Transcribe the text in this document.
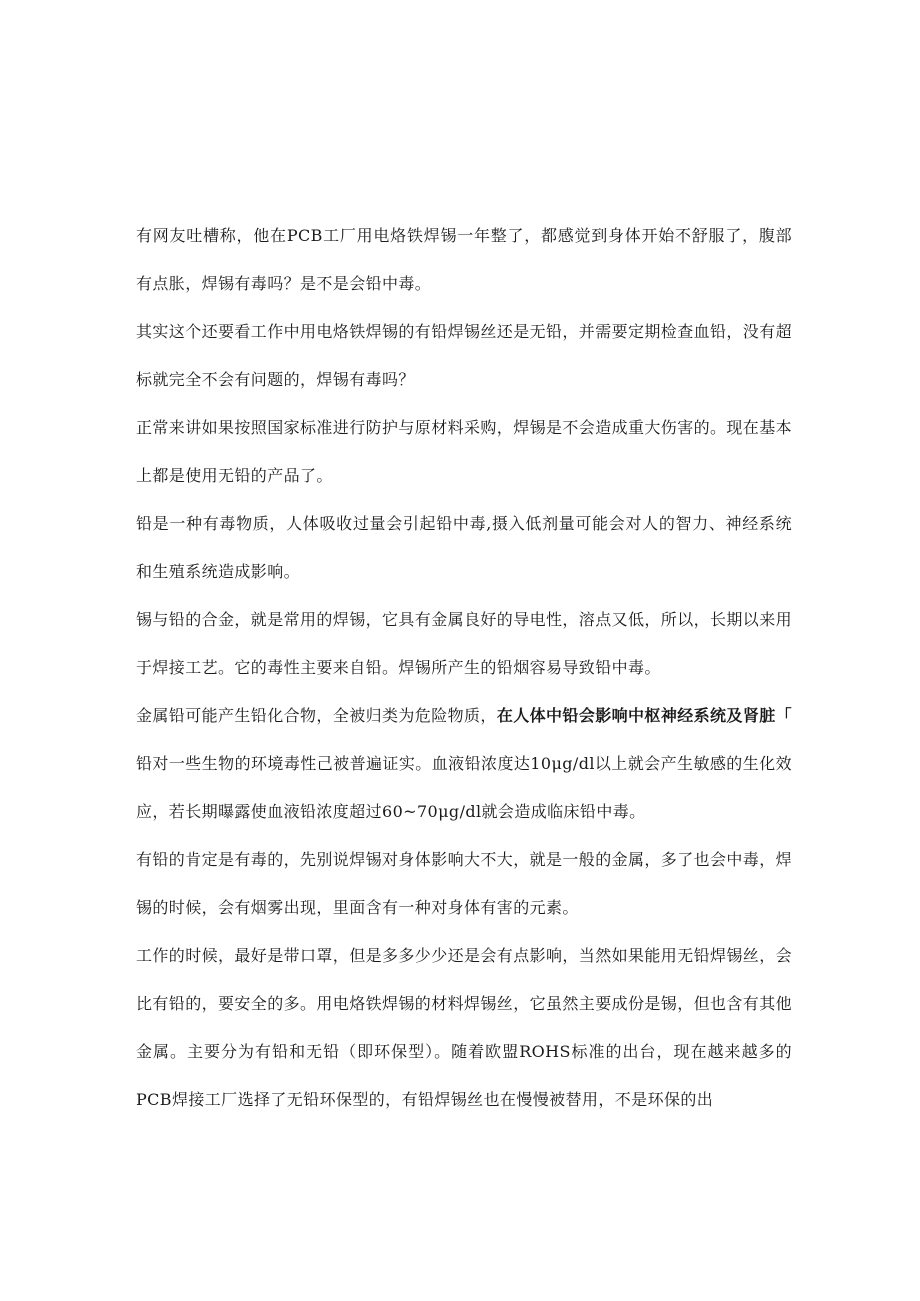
有网友吐槽称，他在PCB工厂用电烙铁焊锡一年整了，都感觉到身体开始不舒服了，腹部有点胀，焊锡有毒吗？是不是会铅中毒。

其实这个还要看工作中用电烙铁焊锡的有铅焊锡丝还是无铅，并需要定期检查血铅，没有超标就完全不会有问题的，焊锡有毒吗？

正常来讲如果按照国家标准进行防护与原材料采购，焊锡是不会造成重大伤害的。现在基本上都是使用无铅的产品了。

铅是一种有毒物质，人体吸收过量会引起铅中毒,摄入低剂量可能会对人的智力、神经系统和生殖系统造成影响。

锡与铅的合金，就是常用的焊锡，它具有金属良好的导电性，溶点又低，所以，长期以来用于焊接工艺。它的毒性主要来自铅。焊锡所产生的铅烟容易导致铅中毒。

金属铅可能产生铅化合物，全被归类为危险物质，在人体中铅会影响中枢神经系统及肾脏「

铅对一些生物的环境毒性己被普遍证实。血液铅浓度达10μg/dl以上就会产生敏感的生化效应，若长期曝露使血液铅浓度超过60~70μg/dl就会造成临床铅中毒。

有铅的肯定是有毒的，先别说焊锡对身体影响大不大，就是一般的金属，多了也会中毒，焊锡的时候，会有烟雾出现，里面含有一种对身体有害的元素。

工作的时候，最好是带口罩，但是多多少少还是会有点影响，当然如果能用无铅焊锡丝，会比有铅的，要安全的多。用电烙铁焊锡的材料焊锡丝，它虽然主要成份是锡，但也含有其他金属。主要分为有铅和无铅（即环保型）。随着欧盟ROHS标准的出台，现在越来越多的PCB焊接工厂选择了无铅环保型的，有铅焊锡丝也在慢慢被替用，不是环保的出
